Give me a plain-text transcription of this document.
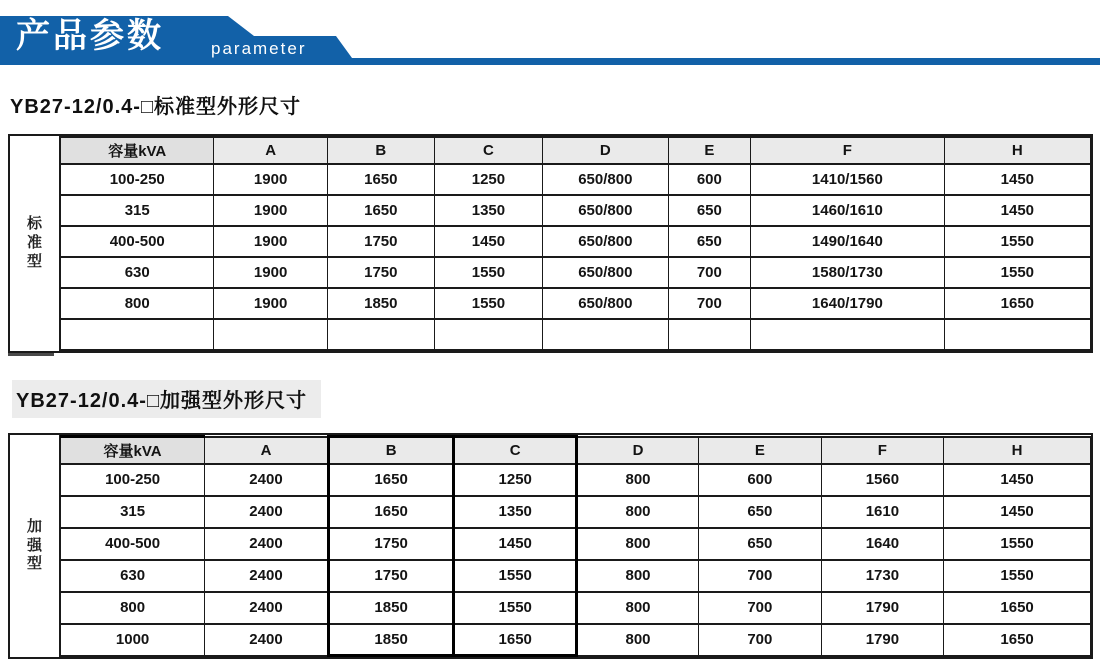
产品参数	parameter
YB27-12/0.4-□标准型外形尺寸
标准型
容量kVA	A	B	C	D	E	F	H
100-250	1900	1650	1250	650/800	600	1410/1560	1450
315	1900	1650	1350	650/800	650	1460/1610	1450
400-500	1900	1750	1450	650/800	650	1490/1640	1550
630	1900	1750	1550	650/800	700	1580/1730	1550
800	1900	1850	1550	650/800	700	1640/1790	1650

YB27-12/0.4-□加强型外形尺寸
加强型
容量kVA	A	B	C	D	E	F	H
100-250	2400	1650	1250	800	600	1560	1450
315	2400	1650	1350	800	650	1610	1450
400-500	2400	1750	1450	800	650	1640	1550
630	2400	1750	1550	800	700	1730	1550
800	2400	1850	1550	800	700	1790	1650
1000	2400	1850	1650	800	700	1790	1650
